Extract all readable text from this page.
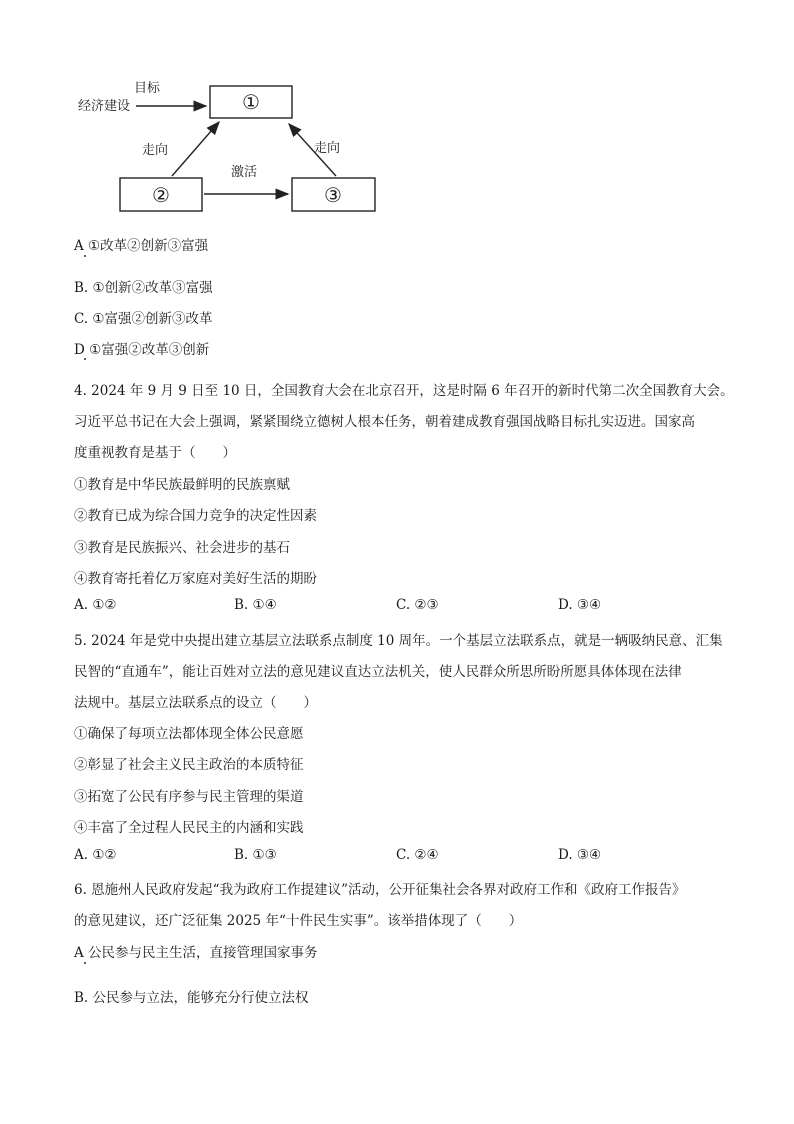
①
②	③
目标
经济建设
走向	走向
激活
A ①改革②创新③富强
B. ①创新②改革③富强
C. ①富强②创新③改革
D ①富强②改革③创新
4. 2024 年 9 月 9 日至 10 日，全国教育大会在北京召开，这是时隔 6 年召开的新时代第二次全国教育大会。
习近平总书记在大会上强调，紧紧围绕立德树人根本任务，朝着建成教育强国战略目标扎实迈进。国家高
度重视教育是基于（　　）
①教育是中华民族最鲜明的民族禀赋
②教育已成为综合国力竞争的决定性因素
③教育是民族振兴、社会进步的基石
④教育寄托着亿万家庭对美好生活的期盼
A. ①②	B. ①④	C. ②③	D. ③④
5. 2024 年是党中央提出建立基层立法联系点制度 10 周年。一个基层立法联系点，就是一辆吸纳民意、汇集
民智的“直通车”，能让百姓对立法的意见建议直达立法机关，使人民群众所思所盼所愿具体体现在法律
法规中。基层立法联系点的设立（　　）
①确保了每项立法都体现全体公民意愿
②彰显了社会主义民主政治的本质特征
③拓宽了公民有序参与民主管理的渠道
④丰富了全过程人民民主的内涵和实践
A. ①②	B. ①③	C. ②④	D. ③④
6. 恩施州人民政府发起“我为政府工作提建议”活动，公开征集社会各界对政府工作和《政府工作报告》
的意见建议，还广泛征集 2025 年“十件民生实事”。该举措体现了（　　）
A 公民参与民主生活，直接管理国家事务
B. 公民参与立法，能够充分行使立法权
